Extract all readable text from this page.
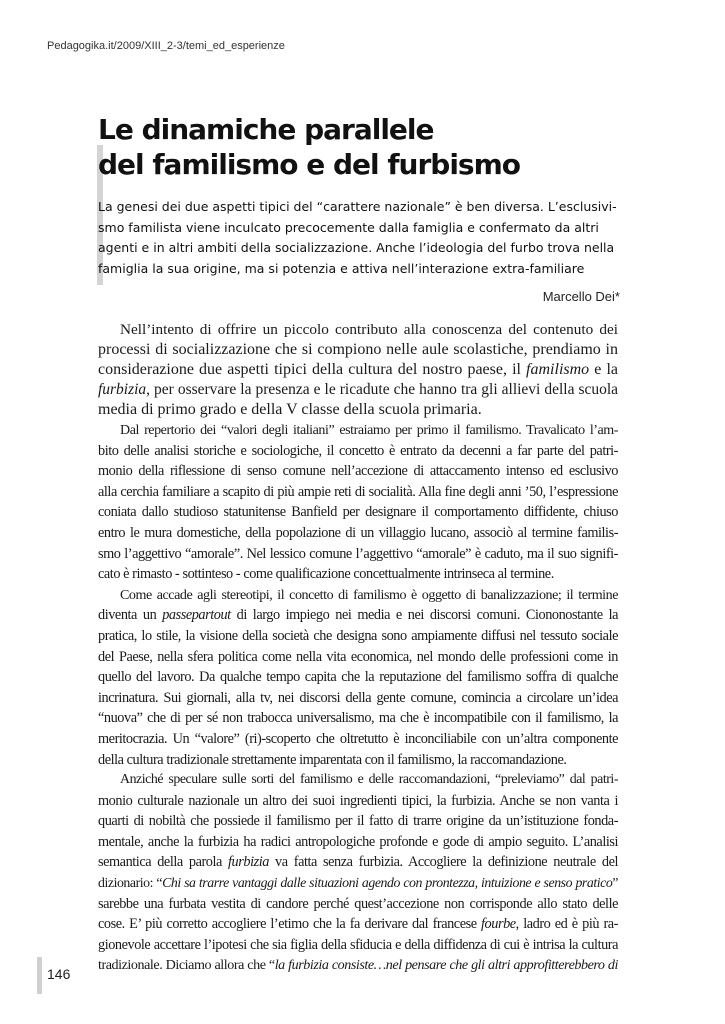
Pedagogika.it/2009/XIII_2-3/temi_ed_esperienze
Le dinamiche parallele
del familismo e del furbismo
La genesi dei due aspetti tipici del “carattere nazionale” è ben diversa. L’esclusivi-
smo familista viene inculcato precocemente dalla famiglia e confermato da altri
agenti e in altri ambiti della socializzazione. Anche l’ideologia del furbo trova nella
famiglia la sua origine, ma si potenzia e attiva nell’interazione extra-familiare
Marcello Dei*
Nell’intento di offrire un piccolo contributo alla conoscenza del contenuto dei
processi di socializzazione che si compiono nelle aule scolastiche, prendiamo in
considerazione due aspetti tipici della cultura del nostro paese, il familismo e la
furbizia, per osservare la presenza e le ricadute che hanno tra gli allievi della scuola
media di primo grado e della V classe della scuola primaria.
Dal repertorio dei “valori degli italiani” estraiamo per primo il familismo. Travalicato l’am-
bito delle analisi storiche e sociologiche, il concetto è entrato da decenni a far parte del patri-
monio della riflessione di senso comune nell’accezione di attaccamento intenso ed esclusivo
alla cerchia familiare a scapito di più ampie reti di socialità. Alla fine degli anni ’50, l’espressione
coniata dallo studioso statunitense Banfield per designare il comportamento diffidente, chiuso
entro le mura domestiche, della popolazione di un villaggio lucano, associò al termine familis-
smo l’aggettivo “amorale”. Nel lessico comune l’aggettivo “amorale” è caduto, ma il suo signifi-
cato è rimasto - sottinteso - come qualificazione concettualmente intrinseca al termine.
Come accade agli stereotipi, il concetto di familismo è oggetto di banalizzazione; il termine
diventa un passepartout di largo impiego nei media e nei discorsi comuni. Ciononostante la
pratica, lo stile, la visione della società che designa sono ampiamente diffusi nel tessuto sociale
del Paese, nella sfera politica come nella vita economica, nel mondo delle professioni come in
quello del lavoro. Da qualche tempo capita che la reputazione del familismo soffra di qualche
incrinatura. Sui giornali, alla tv, nei discorsi della gente comune, comincia a circolare un’idea
“nuova” che di per sé non trabocca universalismo, ma che è incompatibile con il familismo, la
meritocrazia. Un “valore” (ri)-scoperto che oltretutto è inconciliabile con un’altra componente
della cultura tradizionale strettamente imparentata con il familismo, la raccomandazione.
Anziché speculare sulle sorti del familismo e delle raccomandazioni, “preleviamo” dal patri-
monio culturale nazionale un altro dei suoi ingredienti tipici, la furbizia. Anche se non vanta i
quarti di nobiltà che possiede il familismo per il fatto di trarre origine da un’istituzione fonda-
mentale, anche la furbizia ha radici antropologiche profonde e gode di ampio seguito. L’analisi
semantica della parola furbizia va fatta senza furbizia. Accogliere la definizione neutrale del
dizionario: “Chi sa trarre vantaggi dalle situazioni agendo con prontezza, intuizione e senso pratico”
sarebbe una furbata vestita di candore perché quest’accezione non corrisponde allo stato delle
cose. E’ più corretto accogliere l’etimo che la fa derivare dal francese fourbe, ladro ed è più ra-
gionevole accettare l’ipotesi che sia figlia della sfiducia e della diffidenza di cui è intrisa la cultura
tradizionale. Diciamo allora che “la furbizia consiste…nel pensare che gli altri approfitterebbero di
146
